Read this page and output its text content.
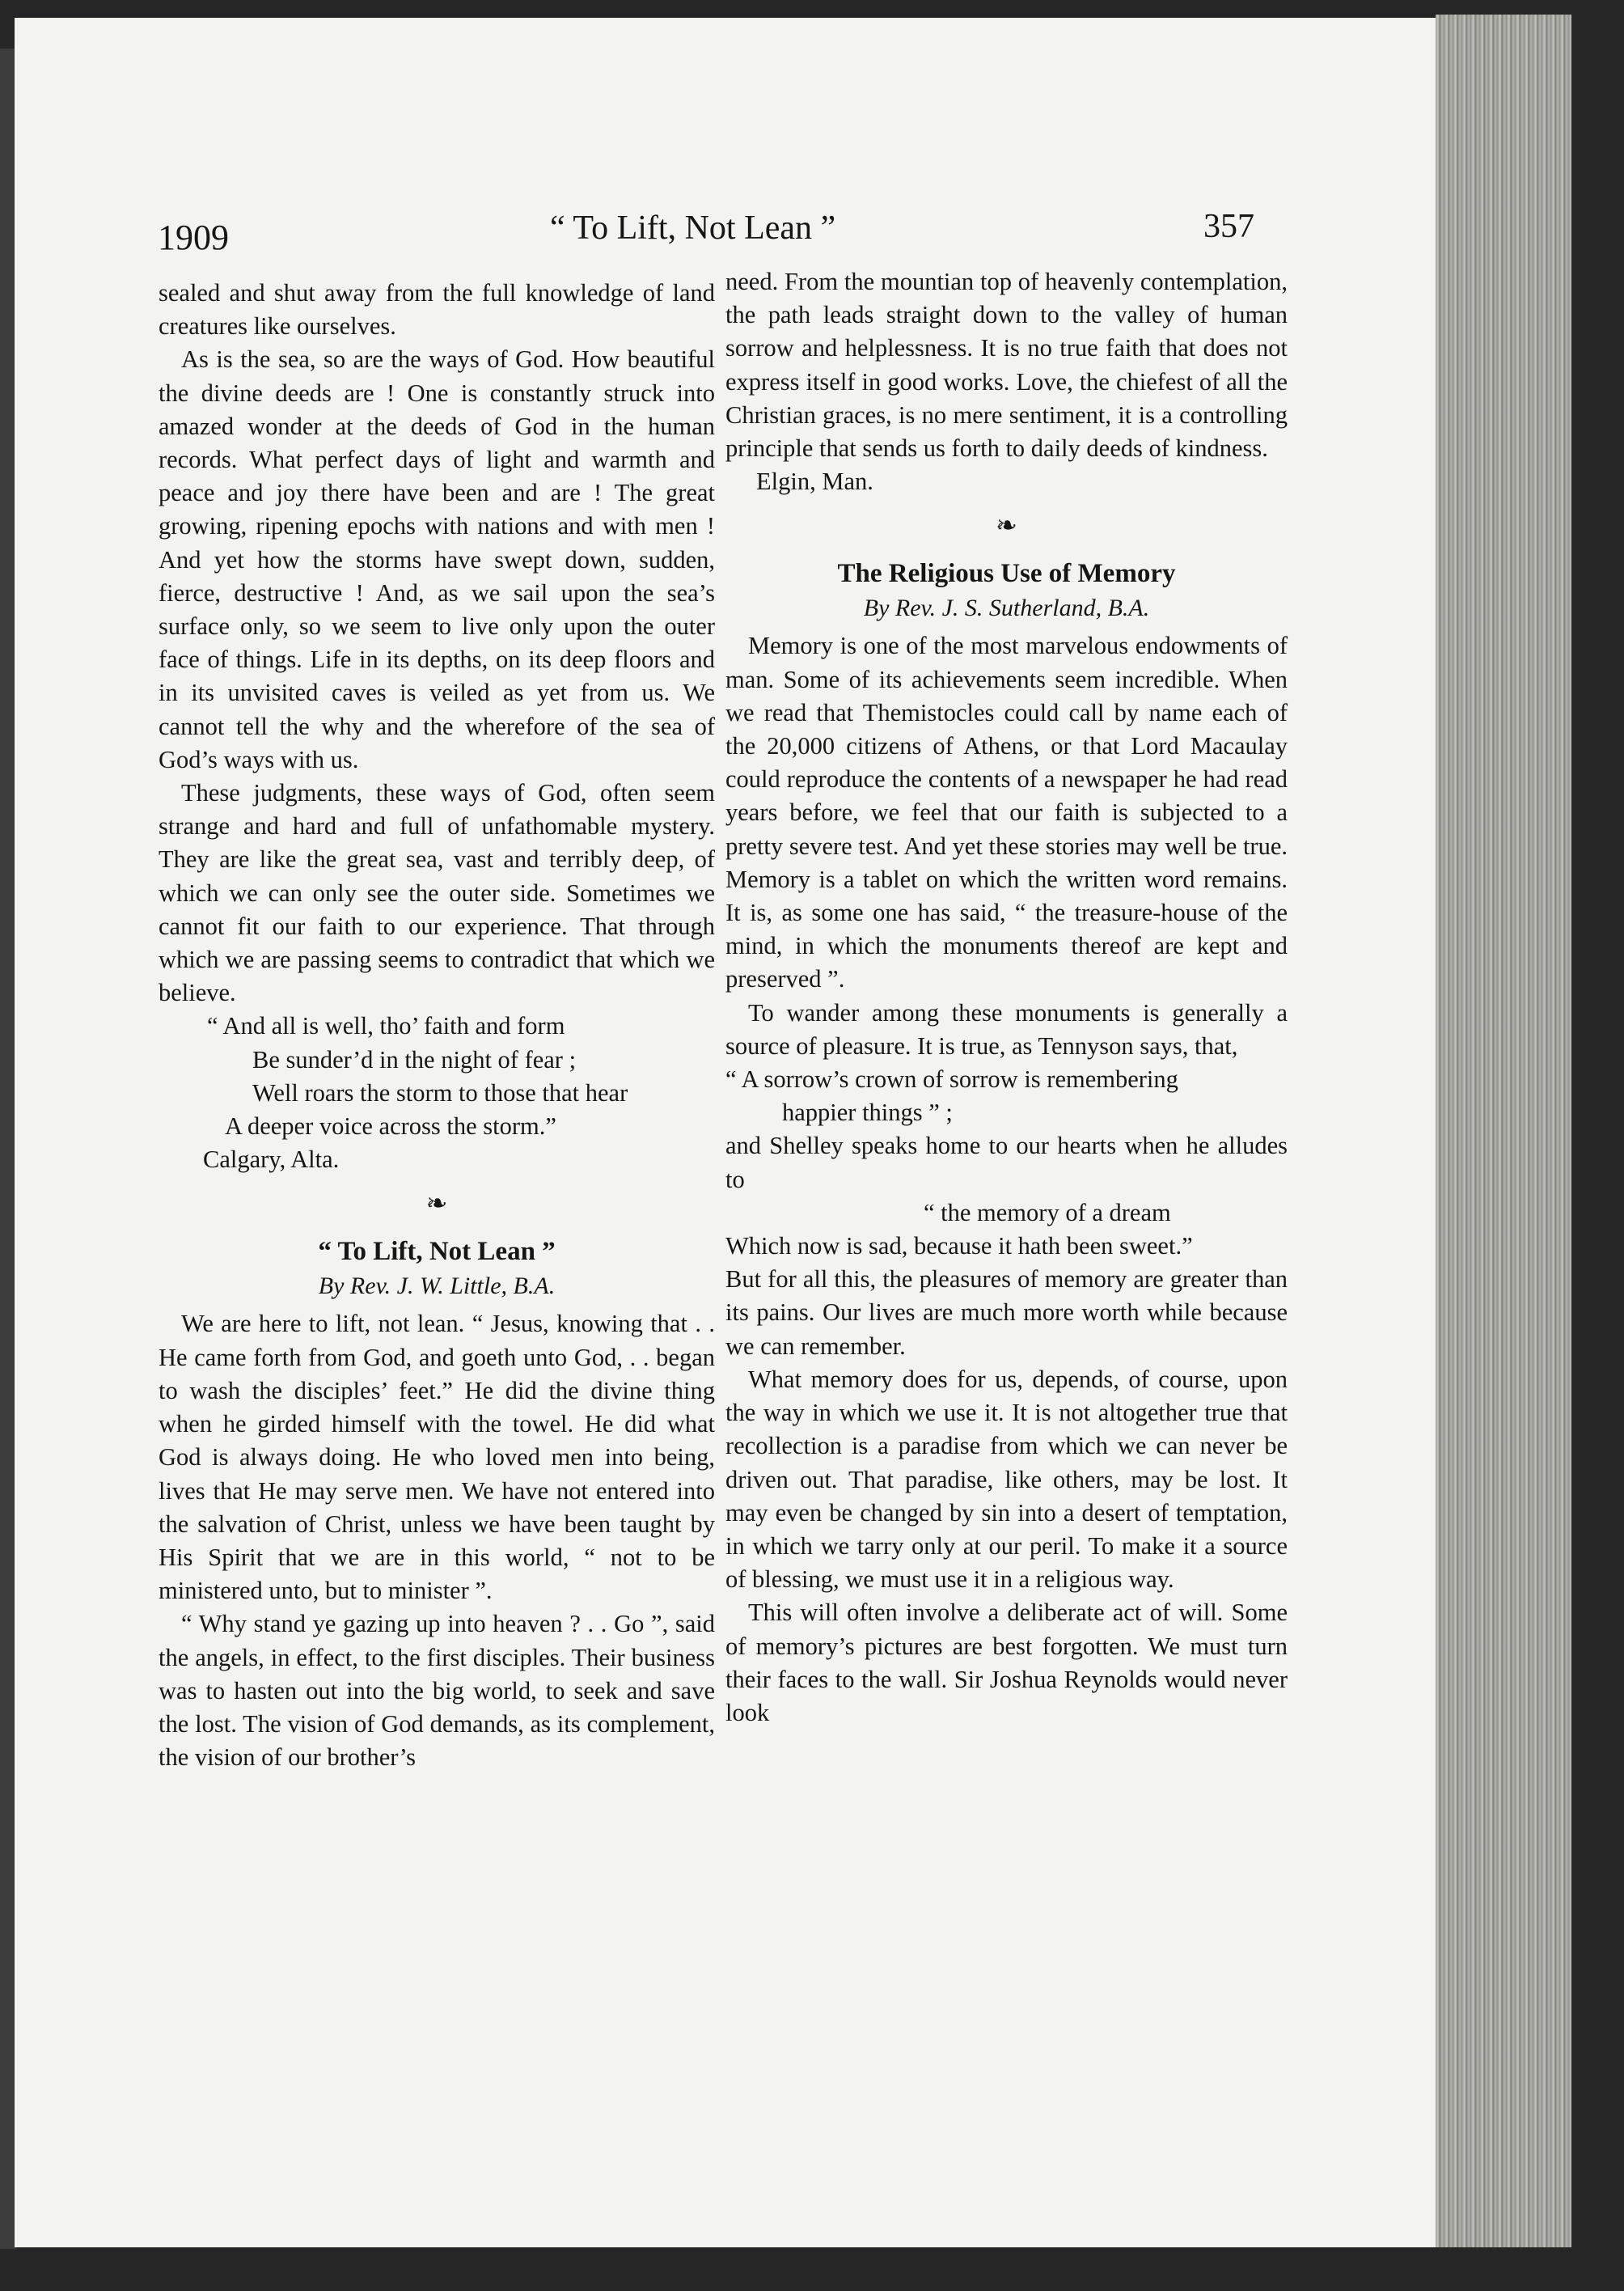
1909	“ To Lift, Not Lean ”	357

sealed and shut away from the full knowledge of land creatures like ourselves.

As is the sea, so are the ways of God. How beautiful the divine deeds are ! One is constantly struck into amazed wonder at the deeds of God in the human records. What perfect days of light and warmth and peace and joy there have been and are ! The great growing, ripening epochs with nations and with men ! And yet how the storms have swept down, sudden, fierce, destructive ! And, as we sail upon the sea’s surface only, so we seem to live only upon the outer face of things. Life in its depths, on its deep floors and in its unvisited caves is veiled as yet from us. We cannot tell the why and the wherefore of the sea of God’s ways with us.

These judgments, these ways of God, often seem strange and hard and full of unfathomable mystery. They are like the great sea, vast and terribly deep, of which we can only see the outer side. Sometimes we cannot fit our faith to our experience. That through which we are passing seems to contradict that which we believe.

“ And all is well, tho’ faith and form
Be sunder’d in the night of fear ;
Well roars the storm to those that hear
A deeper voice across the storm.”
Calgary, Alta.
❧
“ To Lift, Not Lean ”
By Rev. J. W. Little, B.A.

We are here to lift, not lean. “ Jesus, knowing that . . He came forth from God, and goeth unto God, . . began to wash the disciples’ feet.” He did the divine thing when he girded himself with the towel. He did what God is always doing. He who loved men into being, lives that He may serve men. We have not entered into the salvation of Christ, unless we have been taught by His Spirit that we are in this world, “ not to be ministered unto, but to minister ”.

“ Why stand ye gazing up into heaven ? . . Go ”, said the angels, in effect, to the first disciples. Their business was to hasten out into the big world, to seek and save the lost. The vision of God demands, as its complement, the vision of our brother’s

need. From the mountian top of heavenly contemplation, the path leads straight down to the valley of human sorrow and helplessness. It is no true faith that does not express itself in good works. Love, the chiefest of all the Christian graces, is no mere sentiment, it is a controlling principle that sends us forth to daily deeds of kindness.

Elgin, Man.
❧
The Religious Use of Memory
By Rev. J. S. Sutherland, B.A.

Memory is one of the most marvelous endowments of man. Some of its achievements seem incredible. When we read that Themistocles could call by name each of the 20,000 citizens of Athens, or that Lord Macaulay could reproduce the contents of a newspaper he had read years before, we feel that our faith is subjected to a pretty severe test. And yet these stories may well be true. Memory is a tablet on which the written word remains. It is, as some one has said, “ the treasure-house of the mind, in which the monuments thereof are kept and preserved ”.

To wander among these monuments is generally a source of pleasure. It is true, as Tennyson says, that,

“ A sorrow’s crown of sorrow is remembering
happier things ” ;

and Shelley speaks home to our hearts when he alludes to

“ the memory of a dream
Which now is sad, because it hath been sweet.”

But for all this, the pleasures of memory are greater than its pains. Our lives are much more worth while because we can remember.

What memory does for us, depends, of course, upon the way in which we use it. It is not altogether true that recollection is a paradise from which we can never be driven out. That paradise, like others, may be lost. It may even be changed by sin into a desert of temptation, in which we tarry only at our peril. To make it a source of blessing, we must use it in a religious way.

This will often involve a deliberate act of will. Some of memory’s pictures are best forgotten. We must turn their faces to the wall. Sir Joshua Reynolds would never look
